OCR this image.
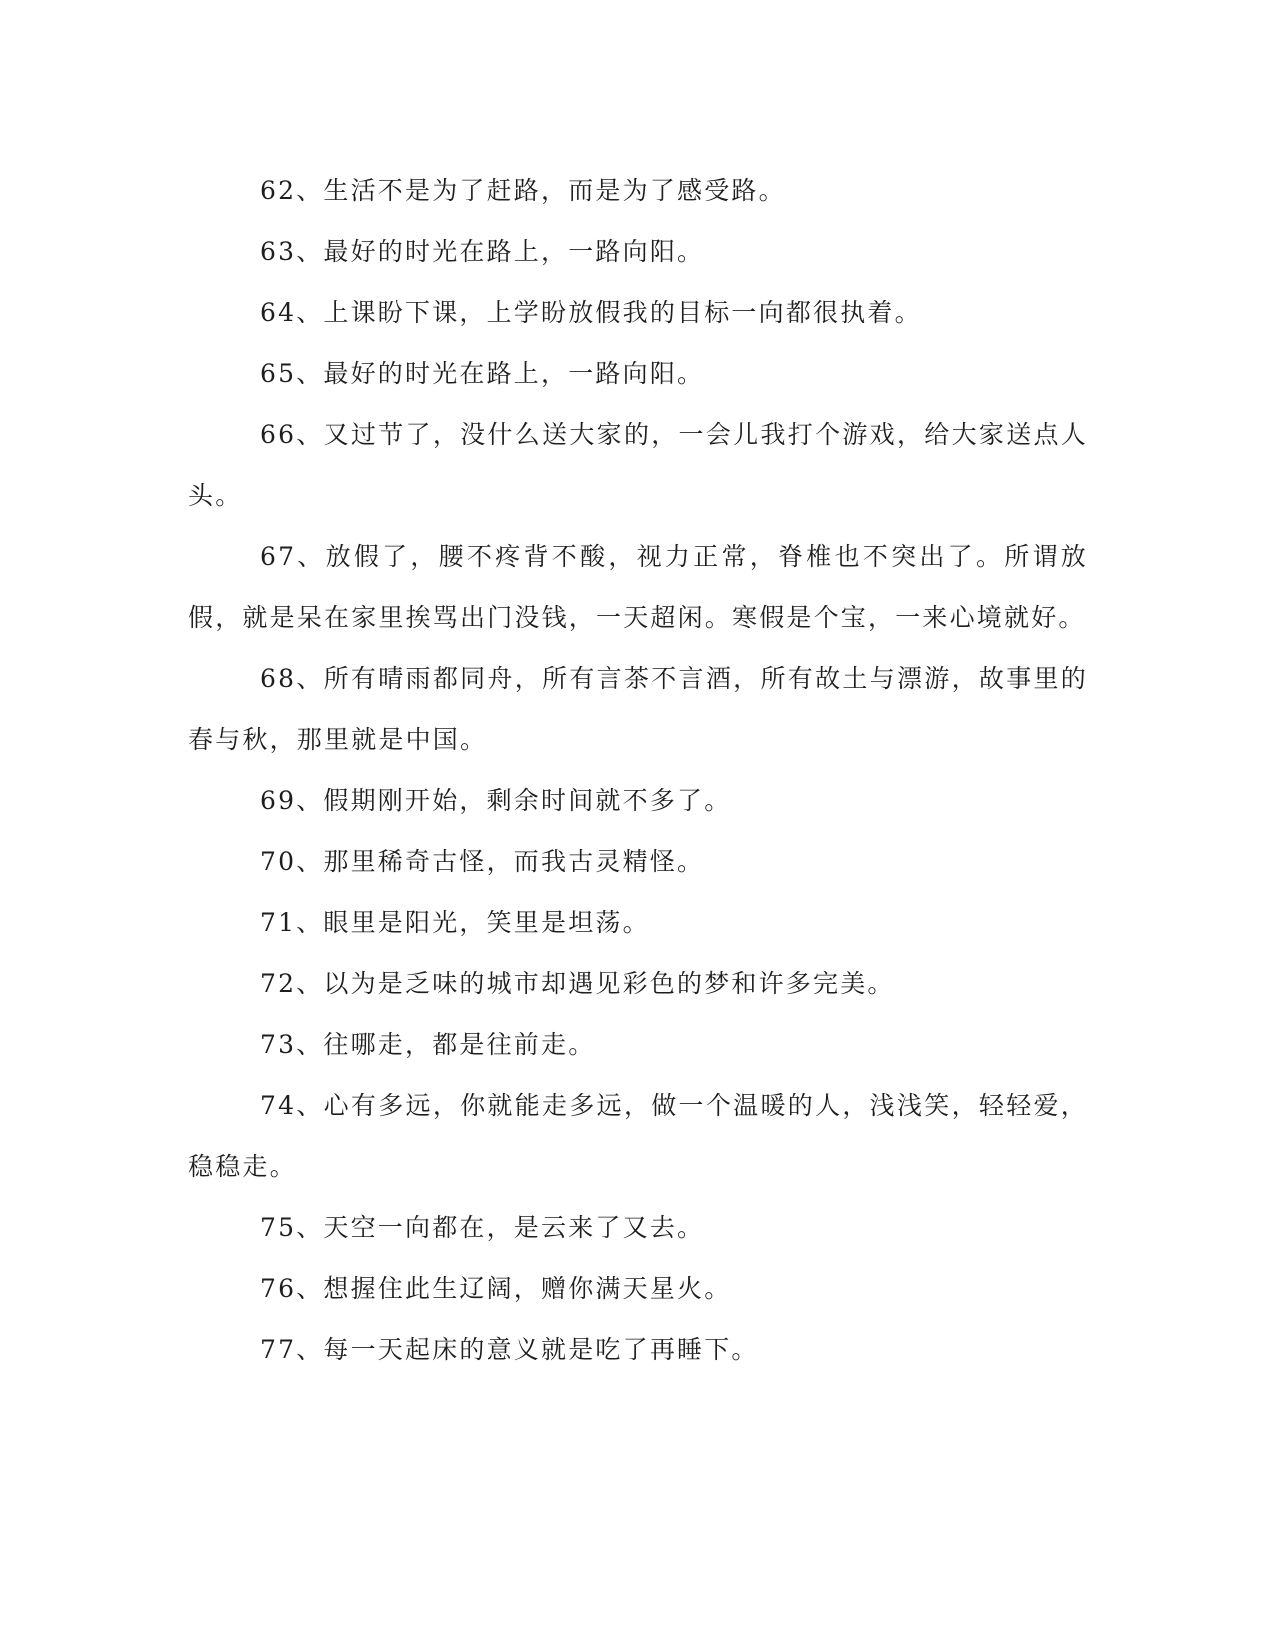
62、生活不是为了赶路，而是为了感受路。

63、最好的时光在路上，一路向阳。

64、上课盼下课，上学盼放假我的目标一向都很执着。

65、最好的时光在路上，一路向阳。

66、又过节了，没什么送大家的，一会儿我打个游戏，给大家送点人头。

67、放假了，腰不疼背不酸，视力正常，脊椎也不突出了。所谓放假，就是呆在家里挨骂出门没钱，一天超闲。寒假是个宝，一来心境就好。

68、所有晴雨都同舟，所有言茶不言酒，所有故土与漂游，故事里的春与秋，那里就是中国。

69、假期刚开始，剩余时间就不多了。

70、那里稀奇古怪，而我古灵精怪。

71、眼里是阳光，笑里是坦荡。

72、以为是乏味的城市却遇见彩色的梦和许多完美。

73、往哪走，都是往前走。

74、心有多远，你就能走多远，做一个温暖的人，浅浅笑，轻轻爱，稳稳走。

75、天空一向都在，是云来了又去。

76、想握住此生辽阔，赠你满天星火。

77、每一天起床的意义就是吃了再睡下。
